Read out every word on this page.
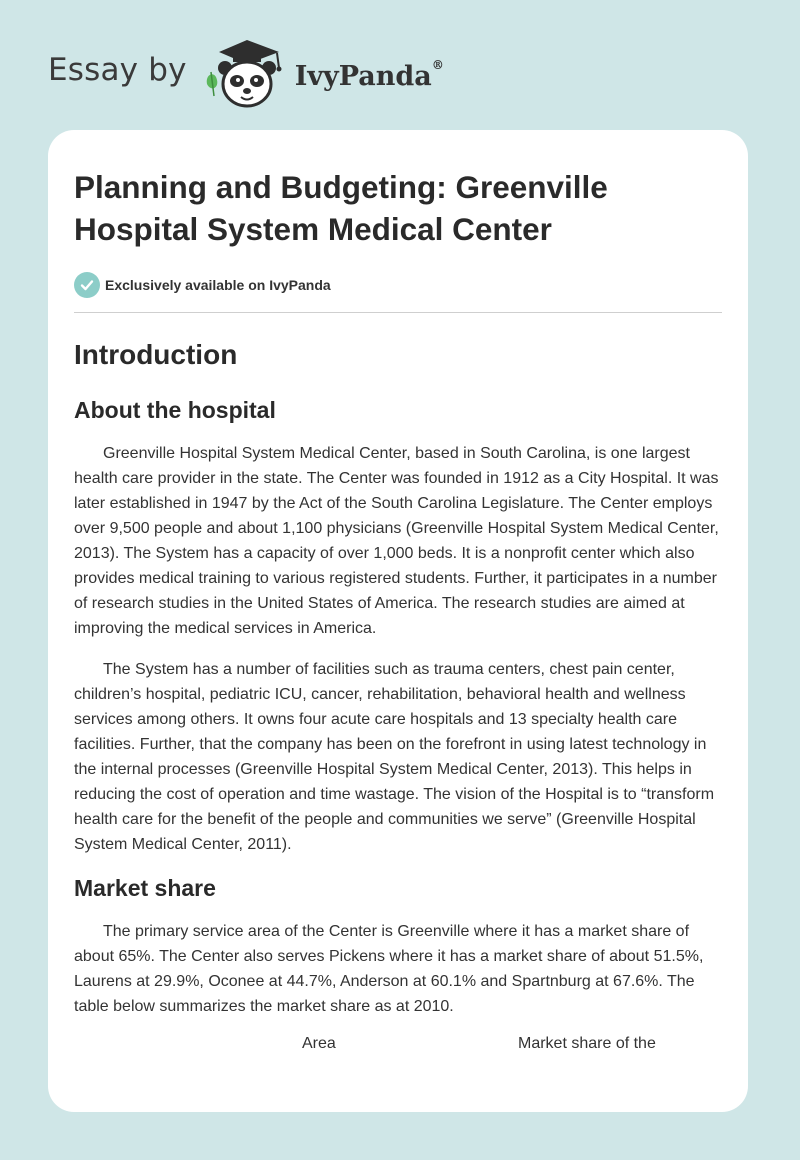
Essay by	IvyPanda®
Planning and Budgeting: Greenville Hospital System Medical Center
Exclusively available on IvyPanda
Introduction
About the hospital

Greenville Hospital System Medical Center, based in South Carolina, is one largest health care provider in the state. The Center was founded in 1912 as a City Hospital. It was later established in 1947 by the Act of the South Carolina Legislature. The Center employs over 9,500 people and about 1,100 physicians (Greenville Hospital System Medical Center, 2013). The System has a capacity of over 1,000 beds. It is a nonprofit center which also provides medical training to various registered students. Further, it participates in a number of research studies in the United States of America. The research studies are aimed at improving the medical services in America.

The System has a number of facilities such as trauma centers, chest pain center, children’s hospital, pediatric ICU, cancer, rehabilitation, behavioral health and wellness services among others. It owns four acute care hospitals and 13 specialty health care facilities. Further, that the company has been on the forefront in using latest technology in the internal processes (Greenville Hospital System Medical Center, 2013). This helps in reducing the cost of operation and time wastage. The vision of the Hospital is to “transform health care for the benefit of the people and communities we serve” (Greenville Hospital System Medical Center, 2011).

Market share

The primary service area of the Center is Greenville where it has a market share of about 65%. The Center also serves Pickens where it has a market share of about 51.5%, Laurens at 29.9%, Oconee at 44.7%, Anderson at 60.1% and Spartnburg at 67.6%. The table below summarizes the market share as at 2010.

Area	Market share of the
